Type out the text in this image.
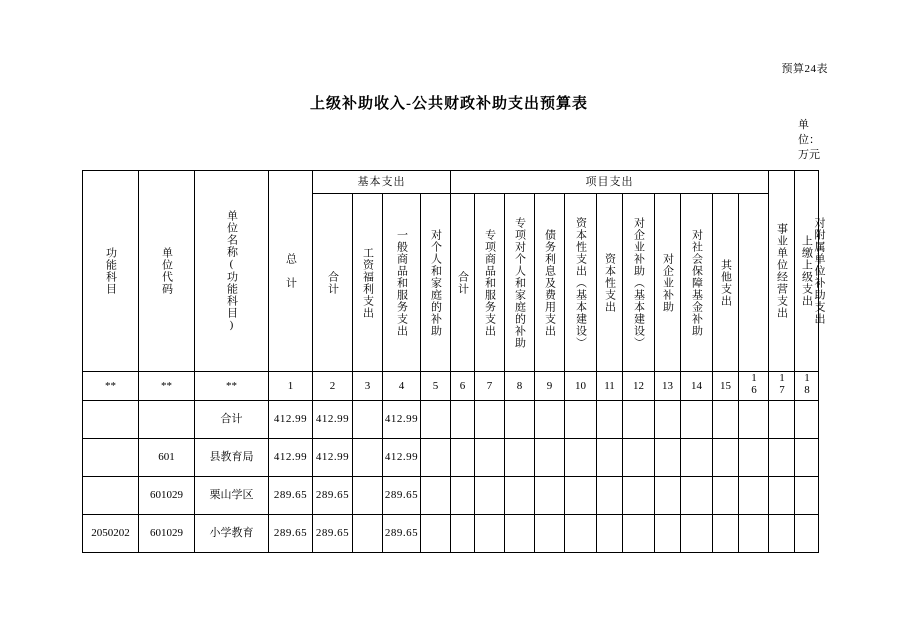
预算24表
上级补助收入-公共财政补助支出预算表
单
位：
万元
功能科目	单位代码	单位名称(功能科目)	总　计	基本支出				项目支出											事业单位经营支出	上缴上级支出	对附属单位补助支出

				合计	工资福利支出	一般商品和服务支出	对个人和家庭的补助	合计	专项商品和服务支出	专项对个人和家庭的补助	债务利息及费用支出	资本性支出（基本建设）	资本性支出	对企业补助（基本建设）	对企业补助	对社会保障基金补助	其他支出				

**	**	**	1	2	3	4	5	6	7	8	9	10	11	12	13	14	15	16	17	18	
		合计	412.99	412.99		412.99															
	601	县教育局	412.99	412.99		412.99															
	601029	栗山学区	289.65	289.65		289.65															
2050202	601029	小学教育	289.65	289.65		289.65															
